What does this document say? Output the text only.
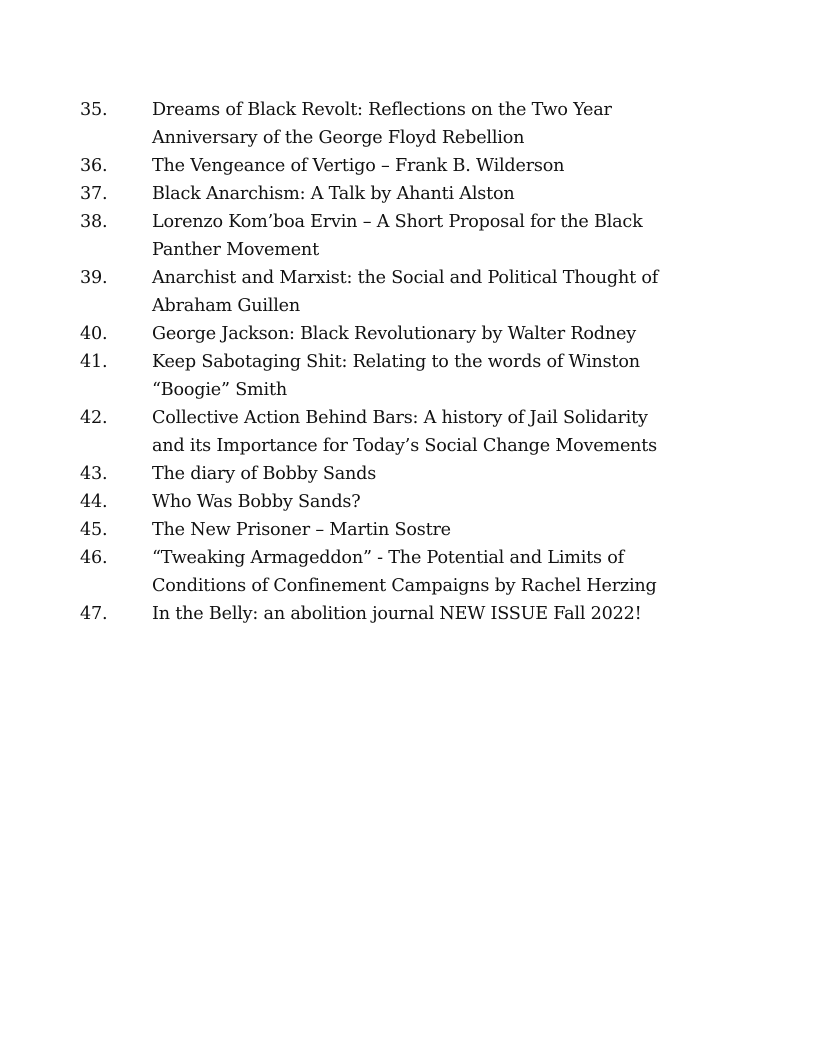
35.	Dreams of Black Revolt: Reflections on the Two Year Anniversary of the George Floyd Rebellion
36.	The Vengeance of Vertigo – Frank B. Wilderson
37.	Black Anarchism: A Talk by Ahanti Alston
38.	Lorenzo Kom’boa Ervin – A Short Proposal for the Black Panther Movement
39.	Anarchist and Marxist: the Social and Political Thought of Abraham Guillen
40.	George Jackson: Black Revolutionary by Walter Rodney
41.	Keep Sabotaging Shit: Relating to the words of Winston “Boogie” Smith
42.	Collective Action Behind Bars: A history of Jail Solidarity and its Importance for Today’s Social Change Movements
43.	The diary of Bobby Sands
44.	Who Was Bobby Sands?
45.	The New Prisoner – Martin Sostre
46.	“Tweaking Armageddon” - The Potential and Limits of Conditions of Confinement Campaigns by Rachel Herzing
47.	In the Belly: an abolition journal NEW ISSUE Fall 2022!
